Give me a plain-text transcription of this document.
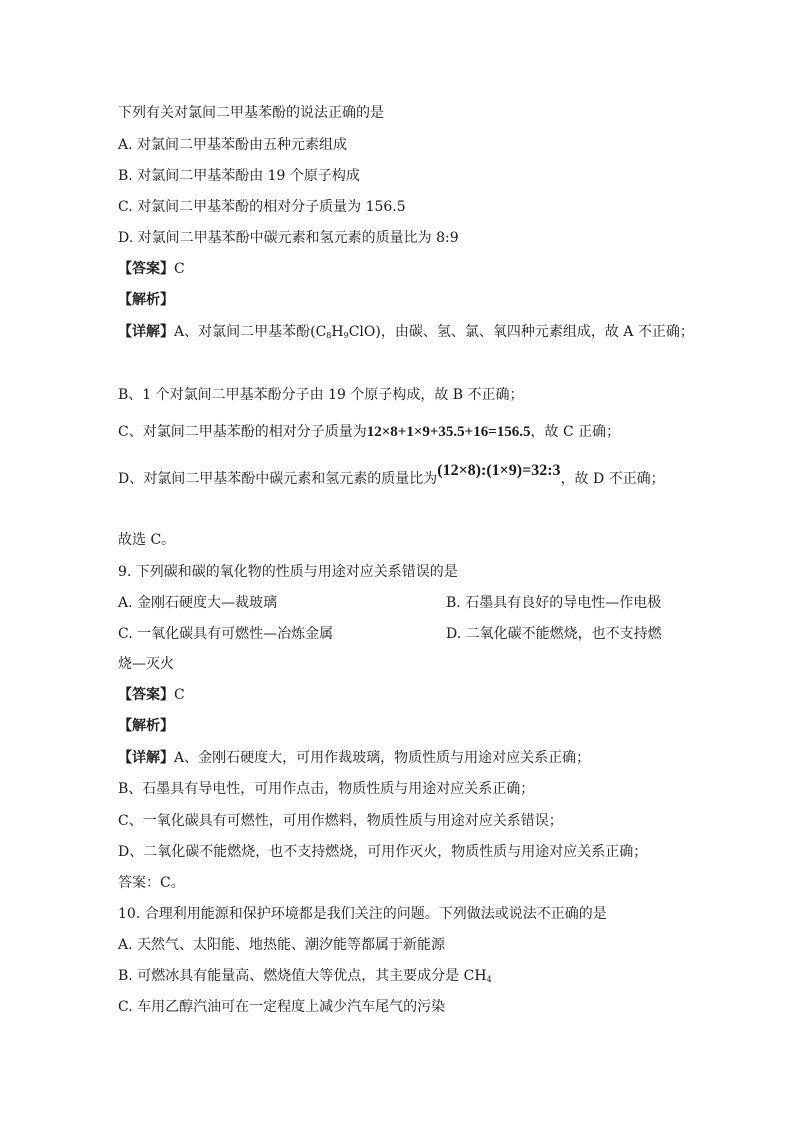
下列有关对氯间二甲基苯酚的说法正确的是
A. 对氯间二甲基苯酚由五种元素组成
B. 对氯间二甲基苯酚由 19 个原子构成
C. 对氯间二甲基苯酚的相对分子质量为 156.5
D. 对氯间二甲基苯酚中碳元素和氢元素的质量比为 8:9
【答案】C
【解析】
【详解】A、对氯间二甲基苯酚$(C_8H_9ClO)$，由碳、氢、氯、氧四种元素组成，故 A 不正确；
B、1 个对氯间二甲基苯酚分子由 19 个原子构成，故 B 不正确；
C、对氯间二甲基苯酚的相对分子质量为12×8+1×9+35.5+16=156.5，故 C 正确；
D、对氯间二甲基苯酚中碳元素和氢元素的质量比为(12×8):(1×9)=32:3，故 D 不正确；
故选 C。
9. 下列碳和碳的氧化物的性质与用途对应关系错误的是
A. 金刚石硬度大—裁玻璃	B. 石墨具有良好的导电性—作电极
C. 一氧化碳具有可燃性—冶炼金属	D. 二氧化碳不能燃烧，也不支持燃
烧—灭火
【答案】C
【解析】
【详解】A、金刚石硬度大，可用作裁玻璃，物质性质与用途对应关系正确；
B、石墨具有导电性，可用作点击，物质性质与用途对应关系正确；
C、一氧化碳具有可燃性，可用作燃料，物质性质与用途对应关系错误；
D、二氧化碳不能燃烧，也不支持燃烧，可用作灭火，物质性质与用途对应关系正确；
答案：C。
10. 合理利用能源和保护环境都是我们关注的问题。下列做法或说法不正确的是
A. 天然气、太阳能、地热能、潮汐能等都属于新能源
B. 可燃冰具有能量高、燃烧值大等优点，其主要成分是 $CH_4$
C. 车用乙醇汽油可在一定程度上减少汽车尾气的污染
